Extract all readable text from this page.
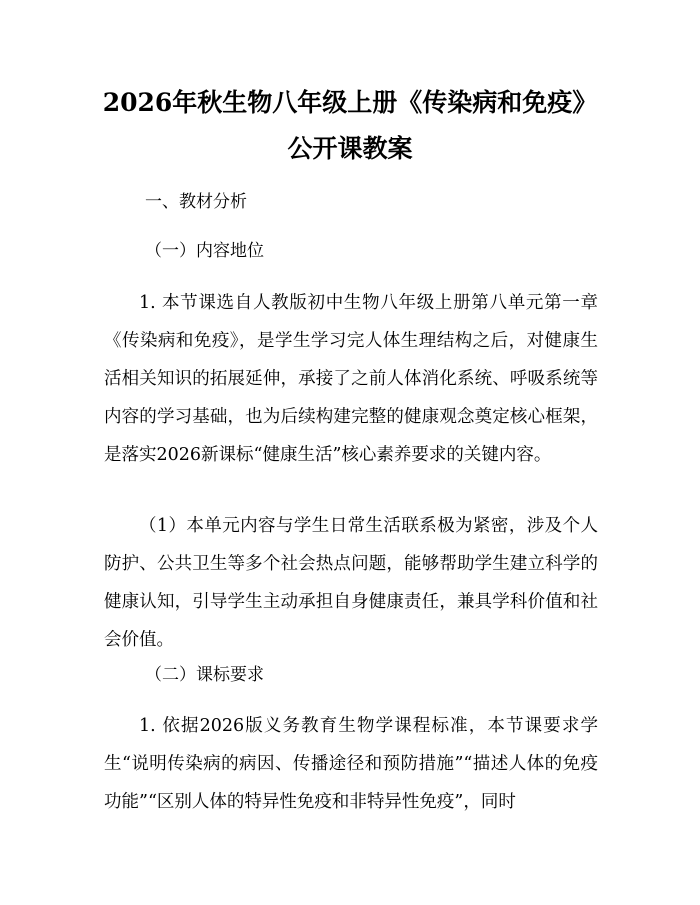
2026年秋生物八年级上册《传染病和免疫》
公开课教案
一、教材分析
（一）内容地位
1. 本节课选自人教版初中生物八年级上册第八单元第一章《传染病和免疫》，是学生学习完人体生理结构之后，对健康生活相关知识的拓展延伸，承接了之前人体消化系统、呼吸系统等内容的学习基础，也为后续构建完整的健康观念奠定核心框架，是落实2026新课标“健康生活”核心素养要求的关键内容。
（1）本单元内容与学生日常生活联系极为紧密，涉及个人防护、公共卫生等多个社会热点问题，能够帮助学生建立科学的健康认知，引导学生主动承担自身健康责任，兼具学科价值和社会价值。
（二）课标要求
1. 依据2026版义务教育生物学课程标准，本节课要求学生“说明传染病的病因、传播途径和预防措施”“描述人体的免疫功能”“区别人体的特异性免疫和非特异性免疫”，同时
